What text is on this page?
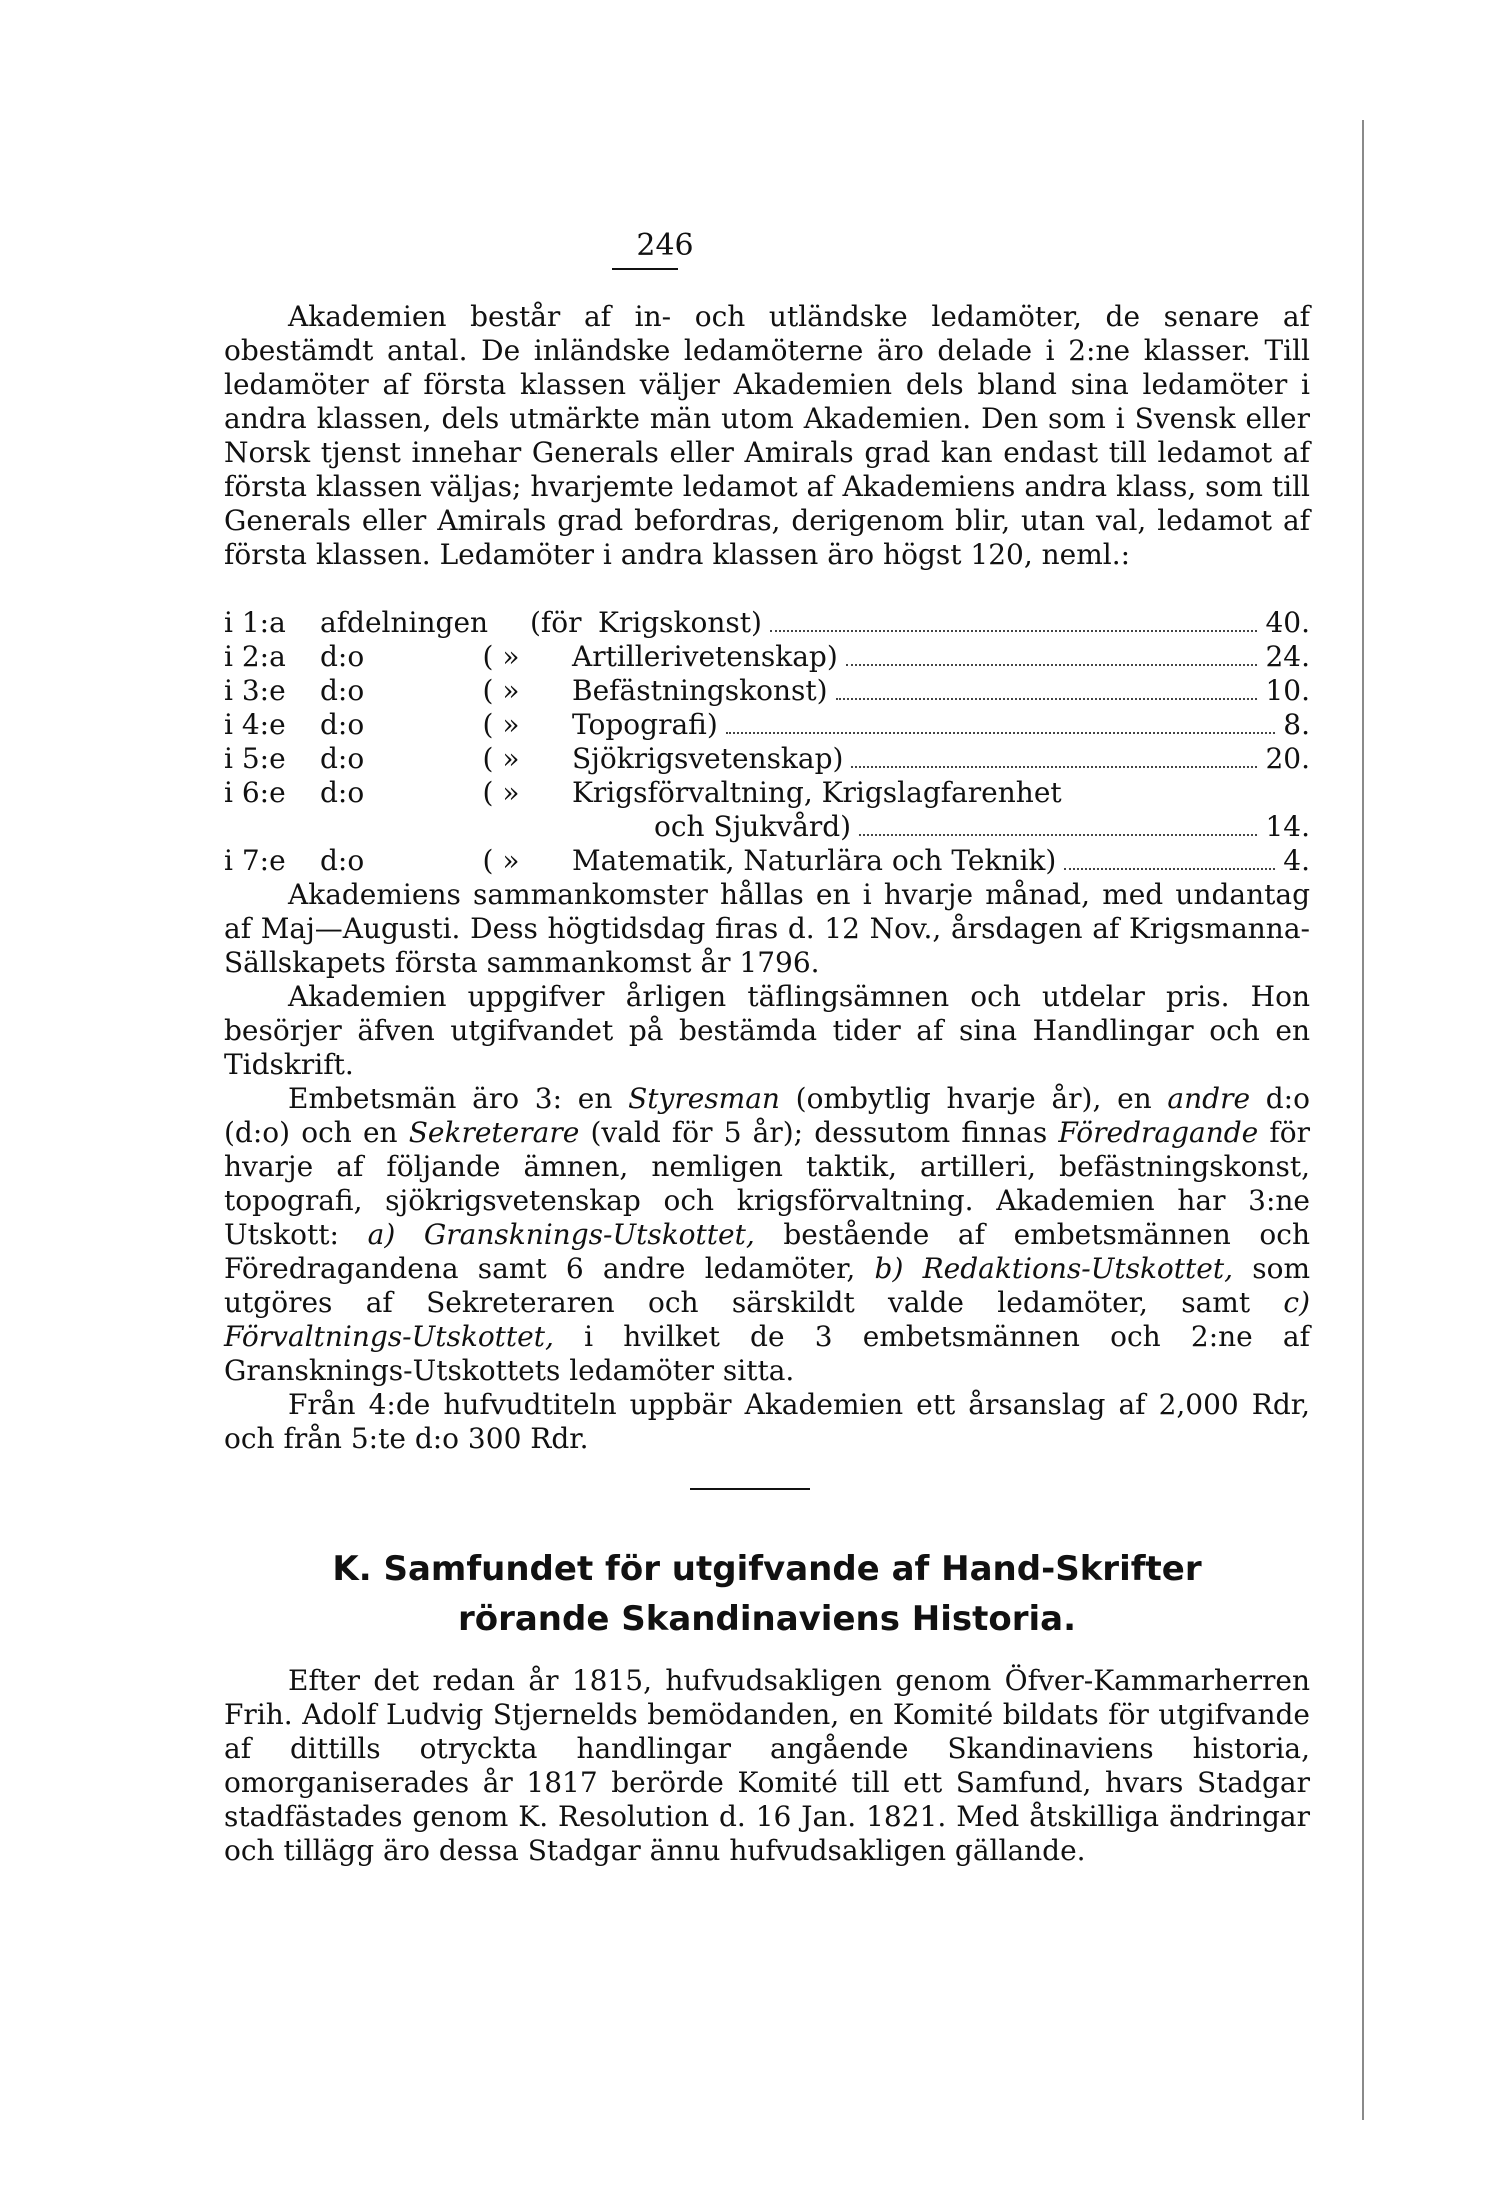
246

Akademien består af in- och utländske ledamöter, de senare af obestämdt antal. De inländske ledamöterne äro delade i 2:ne klasser. Till ledamöter af första klassen väljer Akademien dels bland sina ledamöter i andra klassen, dels utmärkte män utom Akademien. Den som i Svensk eller Norsk tjenst innehar Generals eller Amirals grad kan endast till ledamot af första klassen väljas; hvarjemte ledamot af Akademiens andra klass, som till Generals eller Amirals grad befordras, derigenom blir, utan val, ledamot af första klassen. Ledamöter i andra klassen äro högst 120, neml.:

i 1:a	afdelningen	(för Krigskonst)	40.
i 2:a	d:o	( »	Artillerivetenskap)	24.
i 3:e	d:o	( »	Befästningskonst)	10.
i 4:e	d:o	( »	Topografi)	8.
i 5:e	d:o	( »	Sjökrigsvetenskap)	20.
i 6:e	d:o	( »	Krigsförvaltning, Krigslagfarenhet
och Sjukvård)	14.
i 7:e	d:o	( »	Matematik, Naturlära och Teknik)	4.

Akademiens sammankomster hållas en i hvarje månad, med undantag af Maj—Augusti. Dess högtidsdag firas d. 12 Nov., årsdagen af Krigsmanna-Sällskapets första sammankomst år 1796.

Akademien uppgifver årligen täflingsämnen och utdelar pris. Hon besörjer äfven utgifvandet på bestämda tider af sina Handlingar och en Tidskrift.

Embetsmän äro 3: en Styresman (ombytlig hvarje år), en andre d:o (d:o) och en Sekreterare (vald för 5 år); dessutom finnas Föredragande för hvarje af följande ämnen, nemligen taktik, artilleri, befästningskonst, topografi, sjökrigsvetenskap och krigsförvaltning. Akademien har 3:ne Utskott: a) Gransknings-Utskottet, bestående af embetsmännen och Föredragandena samt 6 andre ledamöter, b) Redaktions-Utskottet, som utgöres af Sekreteraren och särskildt valde ledamöter, samt c) Förvaltnings-Utskottet, i hvilket de 3 embetsmännen och 2:ne af Gransknings-Utskottets ledamöter sitta.

Från 4:de hufvudtiteln uppbär Akademien ett årsanslag af 2,000 Rdr, och från 5:te d:o 300 Rdr.

K. Samfundet för utgifvande af Hand-Skrifter
rörande Skandinaviens Historia.

Efter det redan år 1815, hufvudsakligen genom Öfver-Kammarherren Frih. Adolf Ludvig Stjernelds bemödanden, en Komité bildats för utgifvande af dittills otryckta handlingar angående Skandinaviens historia, omorganiserades år 1817 berörde Komité till ett Samfund, hvars Stadgar stadfästades genom K. Resolution d. 16 Jan. 1821. Med åtskilliga ändringar och tillägg äro dessa Stadgar ännu hufvudsakligen gällande.
